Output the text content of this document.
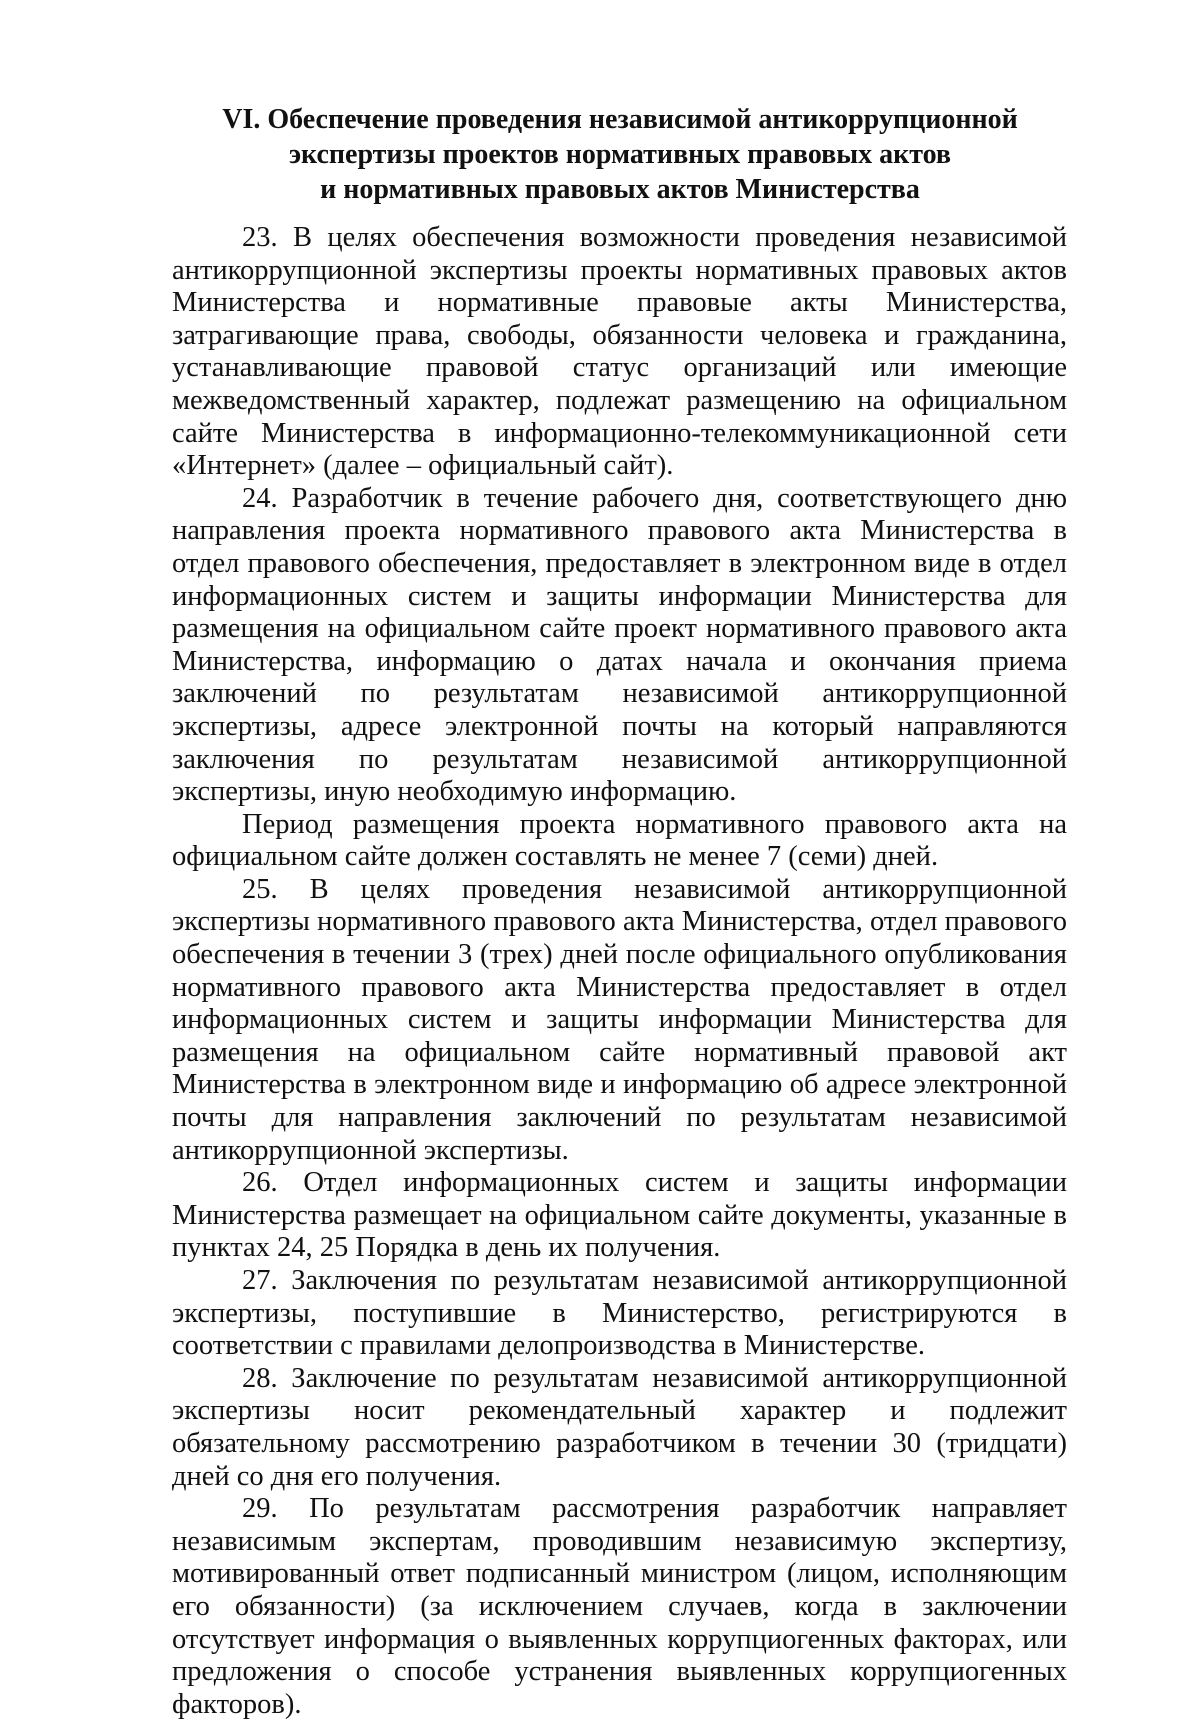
VI. Обеспечение проведения независимой антикоррупционной
экспертизы проектов нормативных правовых актов
и нормативных правовых актов Министерства

23. В целях обеспечения возможности проведения независимой антикоррупционной экспертизы проекты нормативных правовых актов Министерства и нормативные правовые акты Министерства, затрагивающие права, свободы, обязанности человека и гражданина, устанавливающие правовой статус организаций или имеющие межведомственный характер, подлежат размещению на официальном сайте Министерства в информационно-телекоммуникационной сети «Интернет» (далее – официальный сайт).

24. Разработчик в течение рабочего дня, соответствующего дню направления проекта нормативного правового акта Министерства в отдел правового обеспечения, предоставляет в электронном виде в отдел информационных систем и защиты информации Министерства для размещения на официальном сайте проект нормативного правового акта Министерства, информацию о датах начала и окончания приема заключений по результатам независимой антикоррупционной экспертизы, адресе электронной почты на который направляются заключения по результатам независимой антикоррупционной экспертизы, иную необходимую информацию.

Период размещения проекта нормативного правового акта на официальном сайте должен составлять не менее 7 (семи) дней.

25. В целях проведения независимой антикоррупционной экспертизы нормативного правового акта Министерства, отдел правового обеспечения в течении 3 (трех) дней после официального опубликования нормативного правового акта Министерства предоставляет в отдел информационных систем и защиты информации Министерства для размещения на официальном сайте нормативный правовой акт Министерства в электронном виде и информацию об адресе электронной почты для направления заключений по результатам независимой антикоррупционной экспертизы.

26. Отдел информационных систем и защиты информации Министерства размещает на официальном сайте документы, указанные в пунктах 24, 25 Порядка в день их получения.

27. Заключения по результатам независимой антикоррупционной экспертизы, поступившие в Министерство, регистрируются в соответствии с правилами делопроизводства в Министерстве.

28. Заключение по результатам независимой антикоррупционной экспертизы носит рекомендательный характер и подлежит обязательному рассмотрению разработчиком в течении 30 (тридцати) дней со дня его получения.

29. По результатам рассмотрения разработчик направляет независимым экспертам, проводившим независимую экспертизу, мотивированный ответ подписанный министром (лицом, исполняющим его обязанности) (за исключением случаев, когда в заключении отсутствует информация о выявленных коррупциогенных факторах, или предложения о способе устранения выявленных коррупциогенных факторов).
